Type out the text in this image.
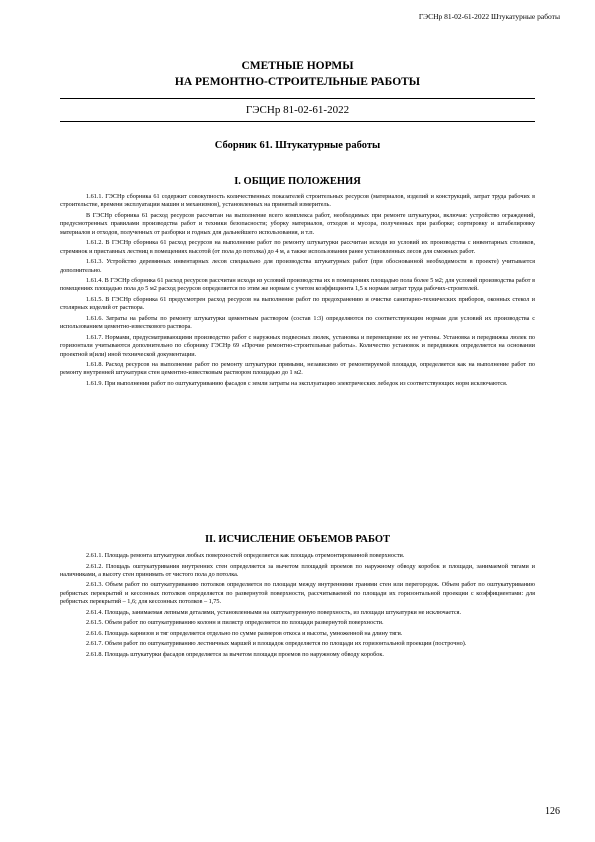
ГЭСНр 81-02-61-2022 Штукатурные работы
СМЕТНЫЕ НОРМЫ
НА РЕМОНТНО-СТРОИТЕЛЬНЫЕ РАБОТЫ
ГЭСНр 81-02-61-2022
Сборник 61. Штукатурные работы
I. ОБЩИЕ ПОЛОЖЕНИЯ

1.61.1. ГЭСНр сборника 61 содержит совокупность количественных показателей строительных ресурсов (материалов, изделий и конструкций, затрат труда рабочих в строительстве, времени эксплуатации машин и механизмов), установленных на принятый измеритель.

В ГЭСНр сборника 61 расход ресурсов рассчитан на выполнение всего комплекса работ, необходимых при ремонте штукатурки, включая: устройство ограждений, предусмотренных правилами производства работ и техники безопасности; уборку материалов, отходов и мусора, полученных при разборке; сортировку и штабелировку материалов и отходов, полученных от разборки и годных для дальнейшего использования, и т.п.

1.61.2. В ГЭСНр сборника 61 расход ресурсов на выполнение работ по ремонту штукатурки рассчитан исходя из условий их производства с инвентарных столиков, стремянок и приставных лестниц в помещениях высотой (от пола до потолка) до 4 м, а также использования ранее установленных лесов для смежных работ.

1.61.3. Устройство деревянных инвентарных лесов специально для производства штукатурных работ (при обоснованной необходимости в проекте) учитывается дополнительно.

1.61.4. В ГЭСНр сборника 61 расход ресурсов рассчитан исходя из условий производства их в помещениях площадью пола более 5 м2; для условий производства работ в помещениях площадью пола до 5 м2 расход ресурсов определяется по этим же нормам с учетом коэффициента 1,5 к нормам затрат труда рабочих-строителей.

1.61.5. В ГЭСНр сборника 61 предусмотрен расход ресурсов на выполнение работ по предохранению и очистке санитарно-технических приборов, оконных стекол и столярных изделий от раствора.

1.61.6. Затраты на работы по ремонту штукатурки цементным раствором (состав 1:3) определяются по соответствующим нормам для условий их производства с использованием цементно-известкового раствора.

1.61.7. Нормами, предусматривающими производство работ с наружных подвесных люлек, установка и перемещение их не учтены. Установка и передвижка люлек по горизонтали учитываются дополнительно по сборнику ГЭСНр 69 «Прочие ремонтно-строительные работы». Количество установок и передвижек определяется на основании проектной и(или) иной технической документации.

1.61.8. Расход ресурсов на выполнение работ по ремонту штукатурки прямыми, независимо от ремонтируемой площади, определяется как на выполнение работ по ремонту внутренней штукатурки стен цементно-известковым раствором площадью до 1 м2.

1.61.9. При выполнении работ по оштукатуриванию фасадов с земли затраты на эксплуатацию электрических лебедок из соответствующих норм исключаются.

II. ИСЧИСЛЕНИЕ ОБЪЕМОВ РАБОТ

2.61.1. Площадь ремонта штукатурки любых поверхностей определяется как площадь отремонтированной поверхности.

2.61.2. Площадь оштукатуривания внутренних стен определяется за вычетом площадей проемов по наружному обводу коробок и площади, занимаемой тягами и наличниками, а высоту стен принимать от чистого пола до потолка.

2.61.3. Объем работ по оштукатуриванию потолков определяется по площади между внутренними гранями стен или перегородок. Объем работ по оштукатуриванию ребристых перекрытий и кессонных потолков определяется по развернутой поверхности, рассчитываемой по площади их горизонтальной проекции с коэффициентами: для ребристых перекрытий – 1,6; для кессонных потолков – 1,75.

2.61.4. Площадь, занимаемая лепными деталями, установленными на оштукатуренную поверхность, из площади штукатурки не исключается.

2.61.5. Объем работ по оштукатуриванию колонн и пилястр определяется по площади развернутой поверхности.

2.61.6. Площадь карнизов и тяг определяется отдельно по сумме размеров откоса и высоты, умноженной на длину тяги.

2.61.7. Объем работ по оштукатуриванию лестничных маршей и площадок определяется по площади их горизонтальной проекции (построчно).

2.61.8. Площадь штукатурки фасадов определяется за вычетом площади проемов по наружному обводу коробок.

126
